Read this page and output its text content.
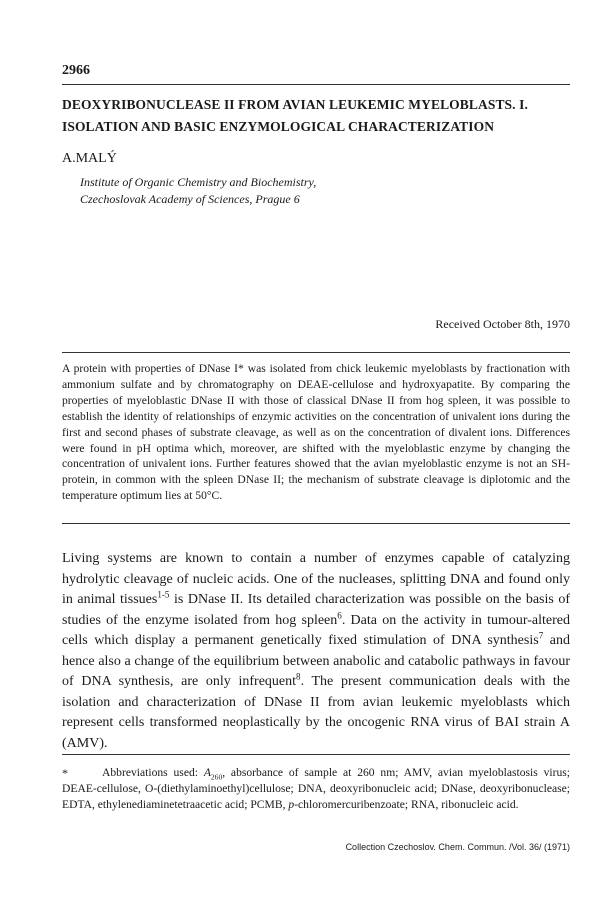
2966
DEOXYRIBONUCLEASE II FROM AVIAN LEUKEMIC MYELOBLASTS. I.
ISOLATION AND BASIC ENZYMOLOGICAL CHARACTERIZATION
A.MALÝ
Institute of Organic Chemistry and Biochemistry,
Czechoslovak Academy of Sciences, Prague 6
Received October 8th, 1970

A protein with properties of DNase I* was isolated from chick leukemic myeloblasts by fractionation with ammonium sulfate and by chromatography on DEAE-cellulose and hydroxyapatite. By comparing the properties of myeloblastic DNase II with those of classical DNase II from hog spleen, it was possible to establish the identity of relationships of enzymic activities on the concentration of univalent ions during the first and second phases of substrate cleavage, as well as on the concentration of divalent ions. Differences were found in pH optima which, moreover, are shifted with the myeloblastic enzyme by changing the concentration of univalent ions. Further features showed that the avian myeloblastic enzyme is not an SH-protein, in common with the spleen DNase II; the mechanism of substrate cleavage is diplotomic and the temperature optimum lies at 50°C.

Living systems are known to contain a number of enzymes capable of catalyzing hydrolytic cleavage of nucleic acids. One of the nucleases, splitting DNA and found only in animal tissues$^{1-5}$ is DNase II. Its detailed characterization was possible on the basis of studies of the enzyme isolated from hog spleen$^6$. Data on the activity in tumour-altered cells which display a permanent genetically fixed stimulation of DNA synthesis$^7$ and hence also a change of the equilibrium between anabolic and catabolic pathways in favour of DNA synthesis, are only infrequent$^8$. The present communication deals with the isolation and characterization of DNase II from avian leukemic myeloblasts which represent cells transformed neoplastically by the oncogenic RNA virus of BAI strain A (AMV).

*	Abbreviations used: $A_{260}$, absorbance of sample at 260 nm; AMV, avian myeloblastosis virus; DEAE-cellulose, O-(diethylaminoethyl)cellulose; DNA, deoxyribonucleic acid; DNase, deoxyribonuclease; EDTA, ethylenediaminetetraacetic acid; PCMB, p-chloromercuribenzoate; RNA, ribonucleic acid.

Collection Czechoslov. Chem. Commun. /Vol. 36/ (1971)
